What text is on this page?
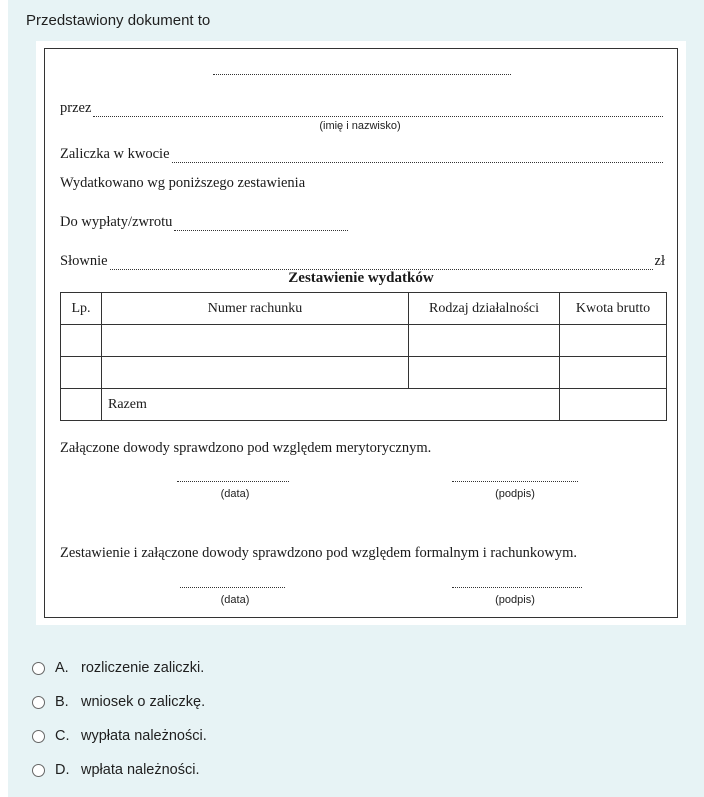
Przedstawiony dokument to
przez
(imię i nazwisko)
Zaliczka w kwocie
Wydatkowano wg poniższego zestawienia
Do wypłaty/zwrotu
Słownie	zł
Zestawienie wydatków
Lp.	Numer rachunku	Rodzaj działalności	Kwota brutto

	Razem		
Załączone dowody sprawdzono pod względem merytorycznym.
(data)	(podpis)
Zestawienie i załączone dowody sprawdzono pod względem formalnym i rachunkowym.
(data)	(podpis)
A. rozliczenie zaliczki.
B. wniosek o zaliczkę.
C. wypłata należności.
D. wpłata należności.
